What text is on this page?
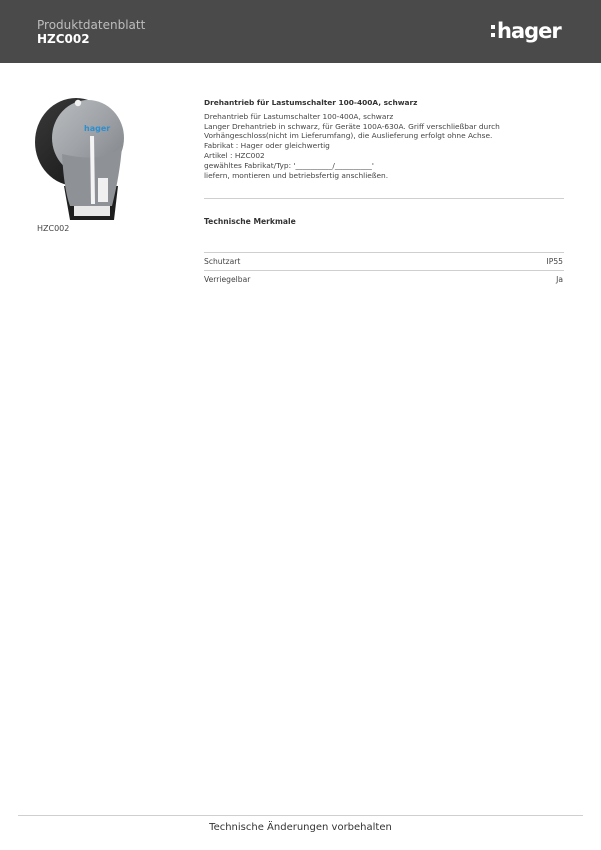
Produktdatenblatt
HZC002	hager
hager
HZC002
Drehantrieb für Lastumschalter 100-400A, schwarz
Drehantrieb für Lastumschalter 100-400A, schwarz
Langer Drehantrieb in schwarz, für Geräte 100A-630A. Griff verschließbar durch
Vorhängeschloss(nicht im Lieferumfang), die Auslieferung erfolgt ohne Achse.
Fabrikat : Hager oder gleichwertig
Artikel : HZC002
gewähltes Fabrikat/Typ: '__________/__________'
liefern, montieren und betriebsfertig anschließen.
Technische Merkmale
Schutzart	IP55
Verriegelbar	Ja
Technische Änderungen vorbehalten
